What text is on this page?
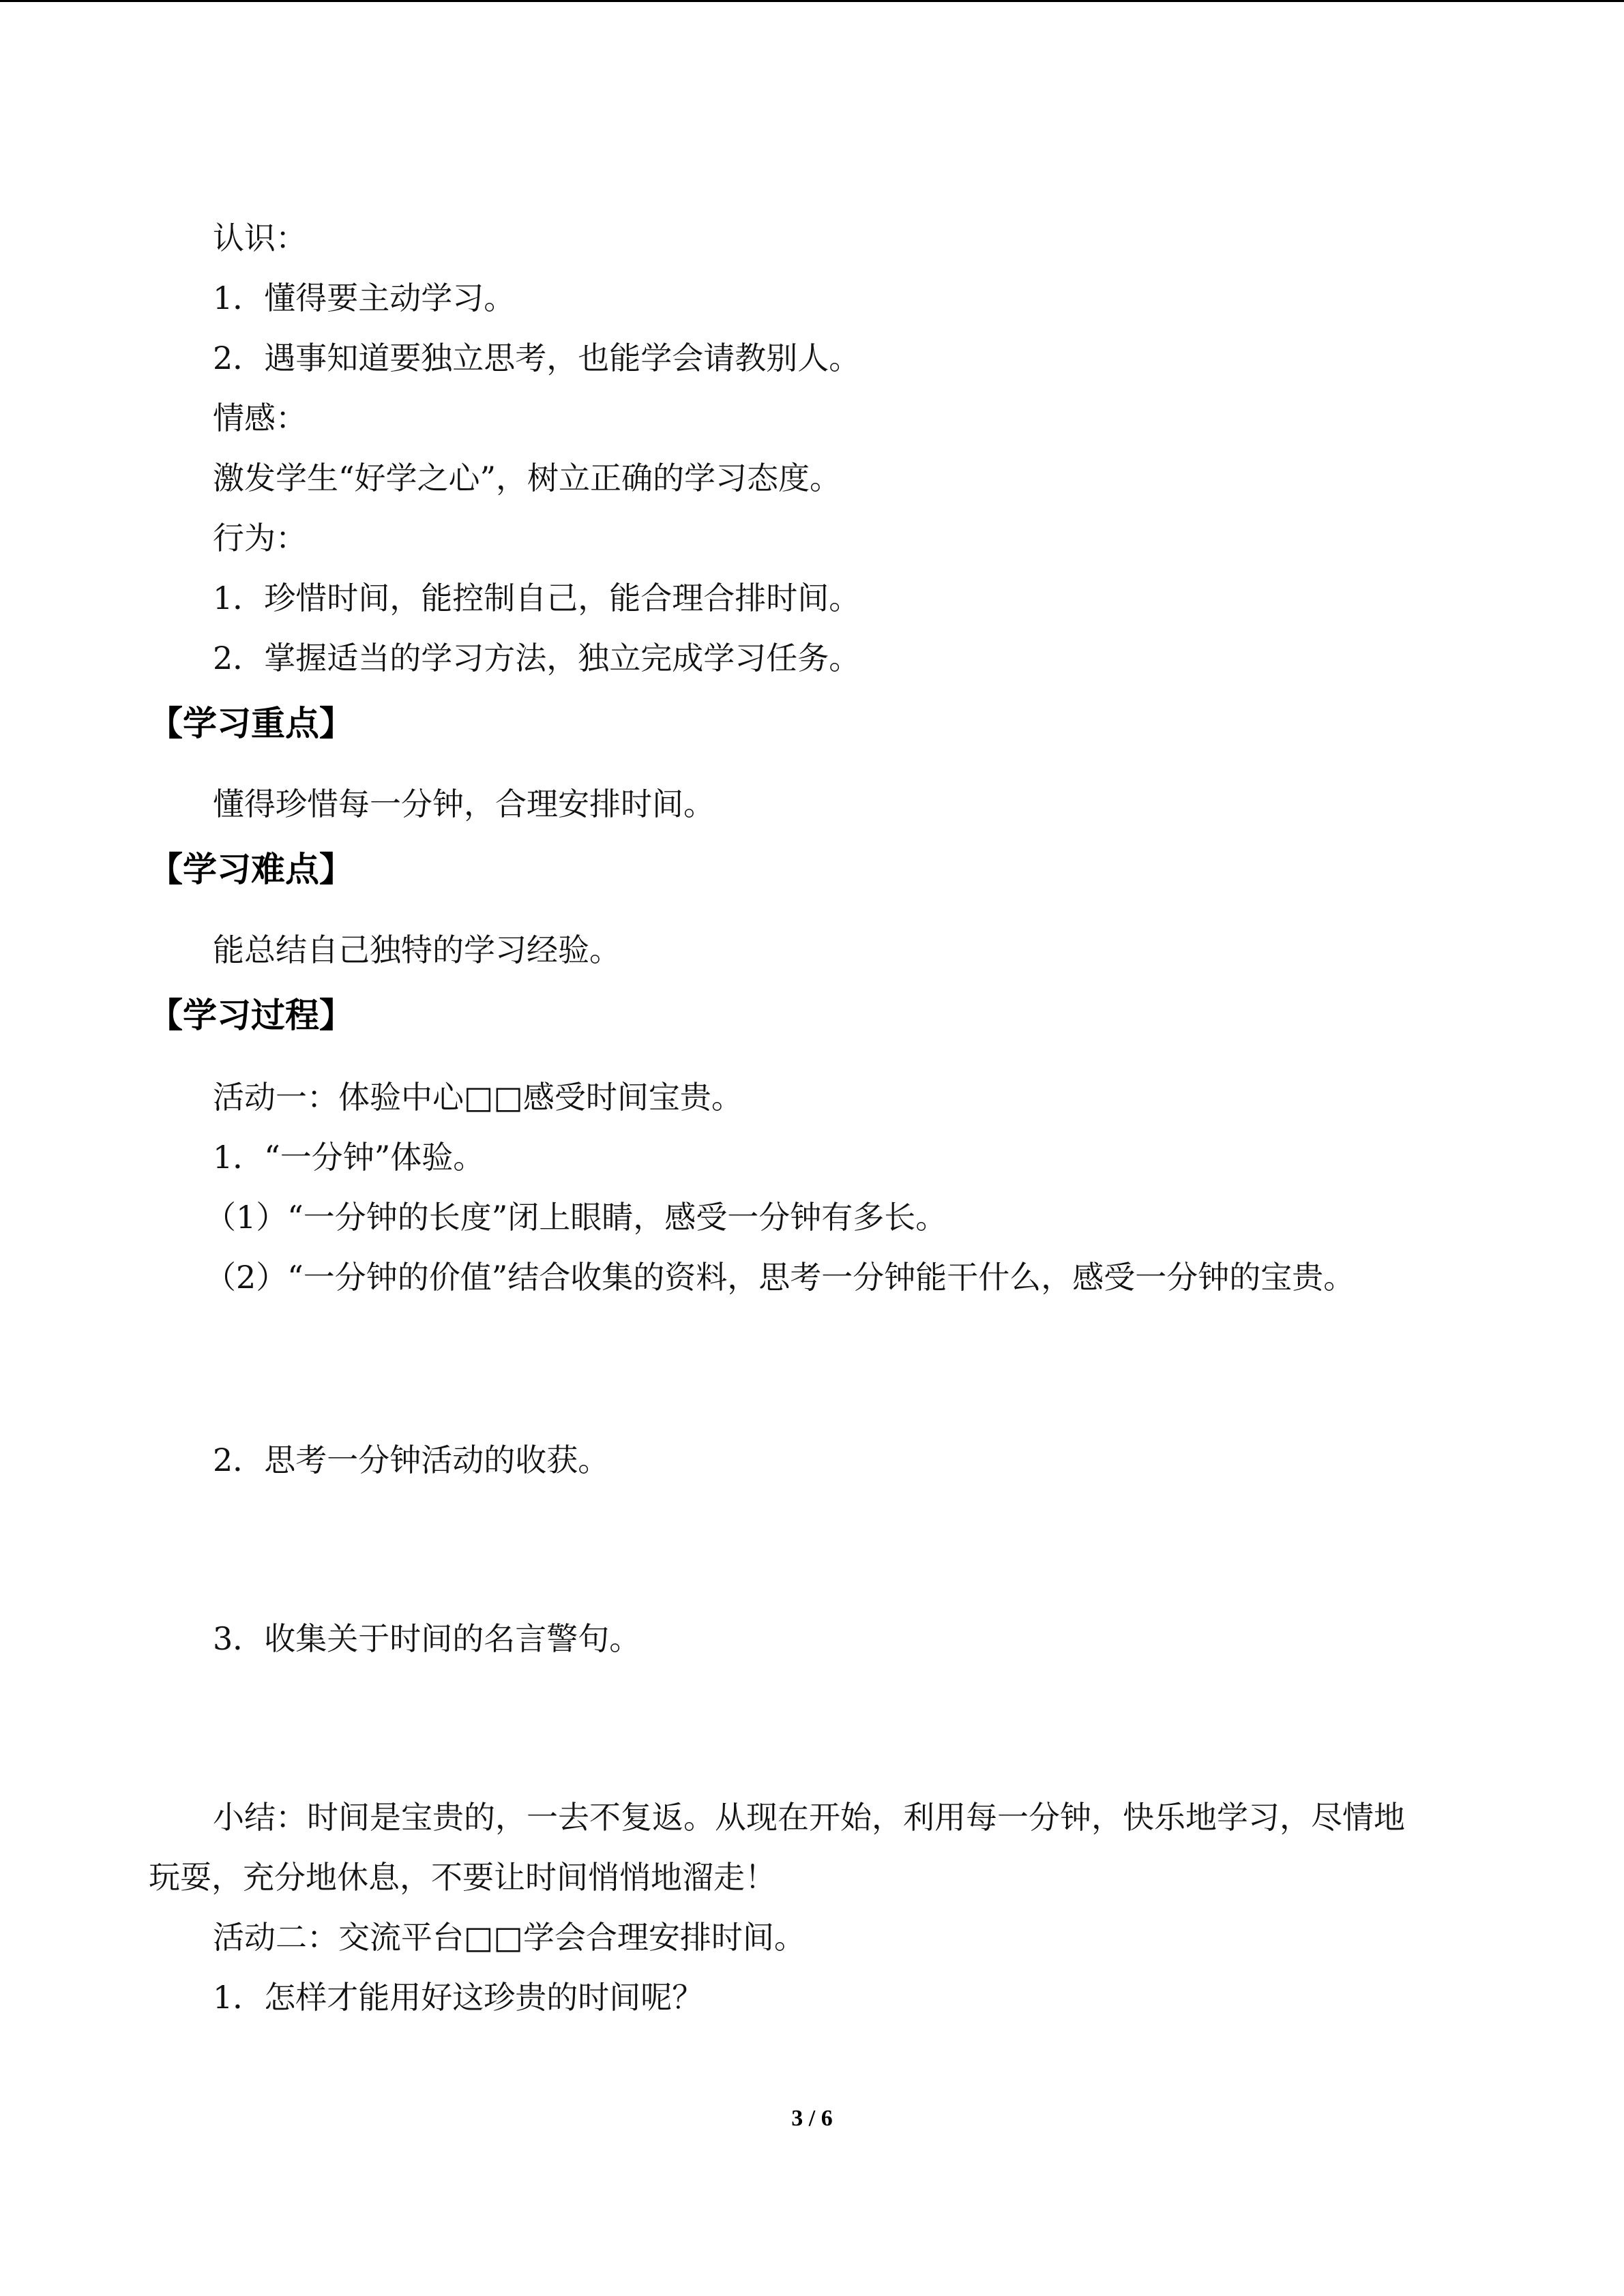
认识：
1．懂得要主动学习。
2．遇事知道要独立思考，也能学会请教别人。
情感：
激发学生“好学之心”，树立正确的学习态度。
行为：
1．珍惜时间，能控制自己，能合理合排时间。
2．掌握适当的学习方法，独立完成学习任务。
【学习重点】
懂得珍惜每一分钟，合理安排时间。
【学习难点】
能总结自己独特的学习经验。
【学习过程】
活动一：体验中心□□感受时间宝贵。
1．“一分钟”体验。
（1）“一分钟的长度”闭上眼睛，感受一分钟有多长。
（2）“一分钟的价值”结合收集的资料，思考一分钟能干什么，感受一分钟的宝贵。
2．思考一分钟活动的收获。
3．收集关于时间的名言警句。
小结：时间是宝贵的，一去不复返。从现在开始，利用每一分钟，快乐地学习，尽情地
玩耍，充分地休息，不要让时间悄悄地溜走！
活动二：交流平台□□学会合理安排时间。
1．怎样才能用好这珍贵的时间呢？
3 / 6
